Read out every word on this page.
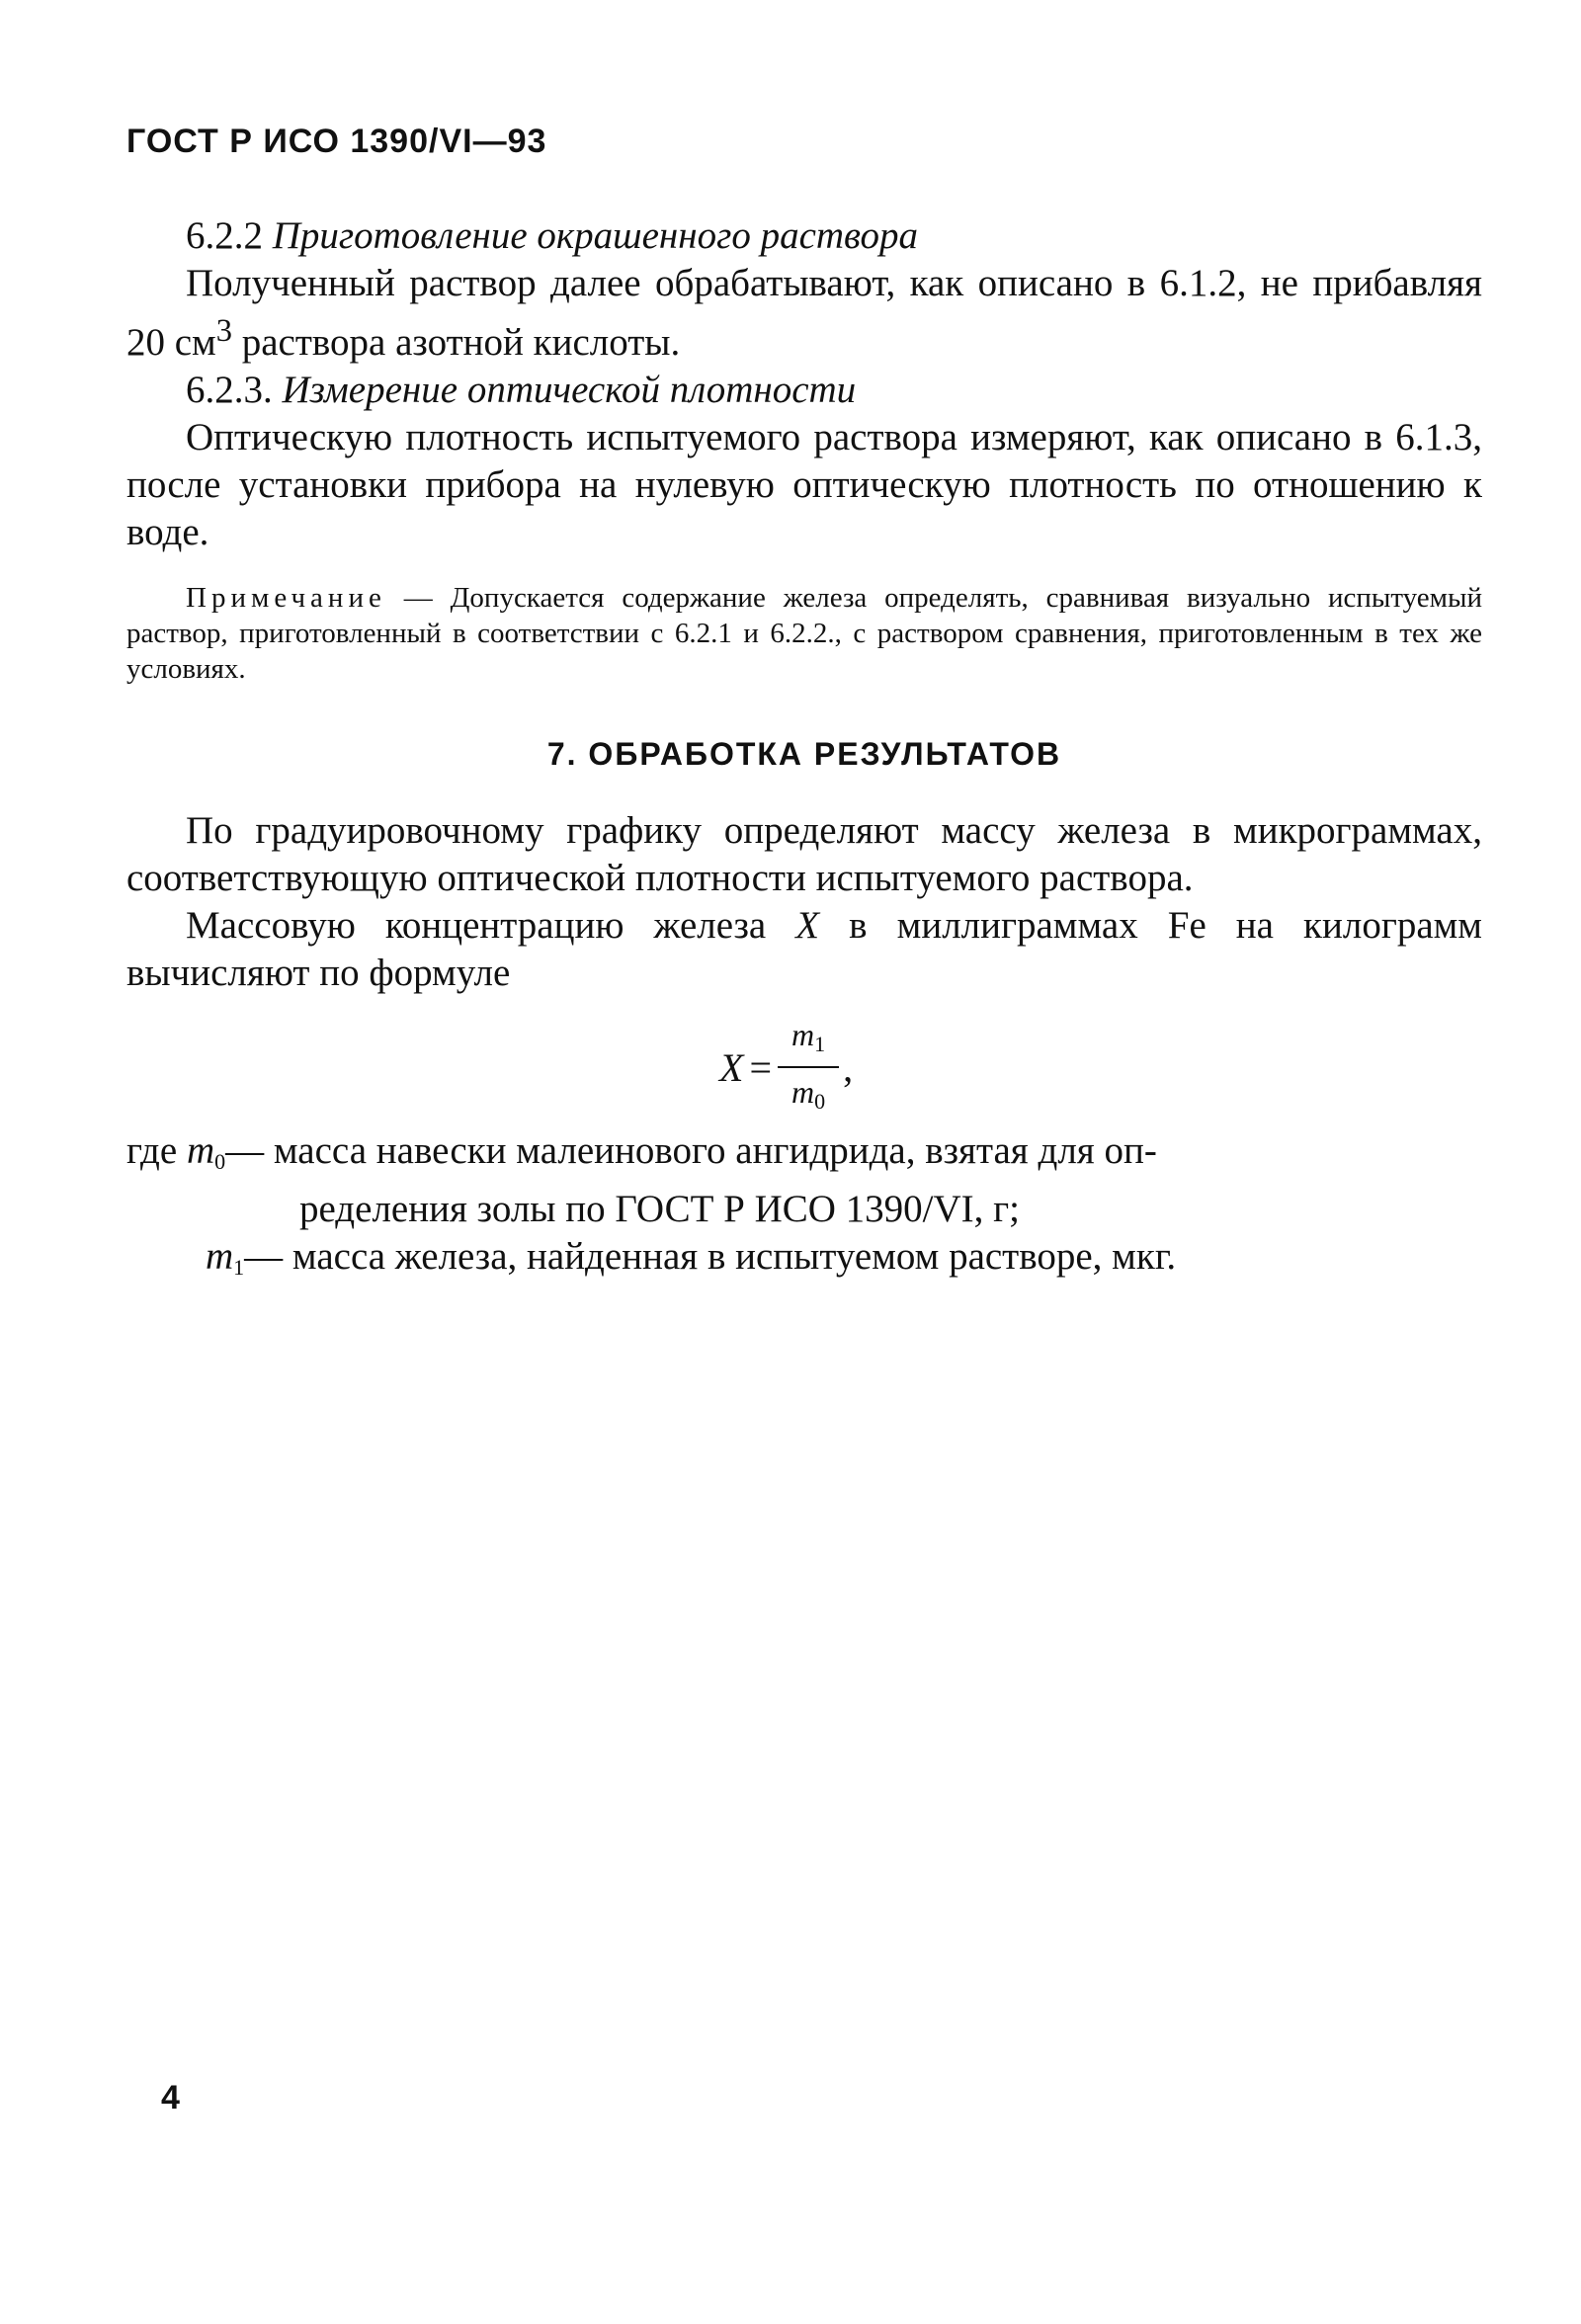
ГОСТ Р ИСО 1390/VI—93

6.2.2 Приготовление окрашенного раствора

Полученный раствор далее обрабатывают, как описано в 6.1.2, не прибавляя 20 $см^3$ раствора азотной кислоты.

6.2.3. Измерение оптической плотности

Оптическую плотность испытуемого раствора измеряют, как описано в 6.1.3, после установки прибора на нулевую оптическую плотность по отношению к воде.

Примечание — Допускается содержание железа определять, сравнивая визуально испытуемый раствор, приготовленный в соответствии с 6.2.1 и 6.2.2., с раствором сравнения, приготовленным в тех же условиях.

7. ОБРАБОТКА РЕЗУЛЬТАТОВ

По градуировочному графику определяют массу железа в микрограммах, соответствующую оптической плотности испытуемого раствора.

Массовую концентрацию железа X в миллиграммах Fe на килограмм вычисляют по формуле

$X = \frac{m1}{m0}$ ,
где m0 — масса навески малеинового ангидрида, взятая для оп-
ределения золы по ГОСТ Р ИСО 1390/VI, г;
m1 — масса железа, найденная в испытуемом растворе, мкг.
4
